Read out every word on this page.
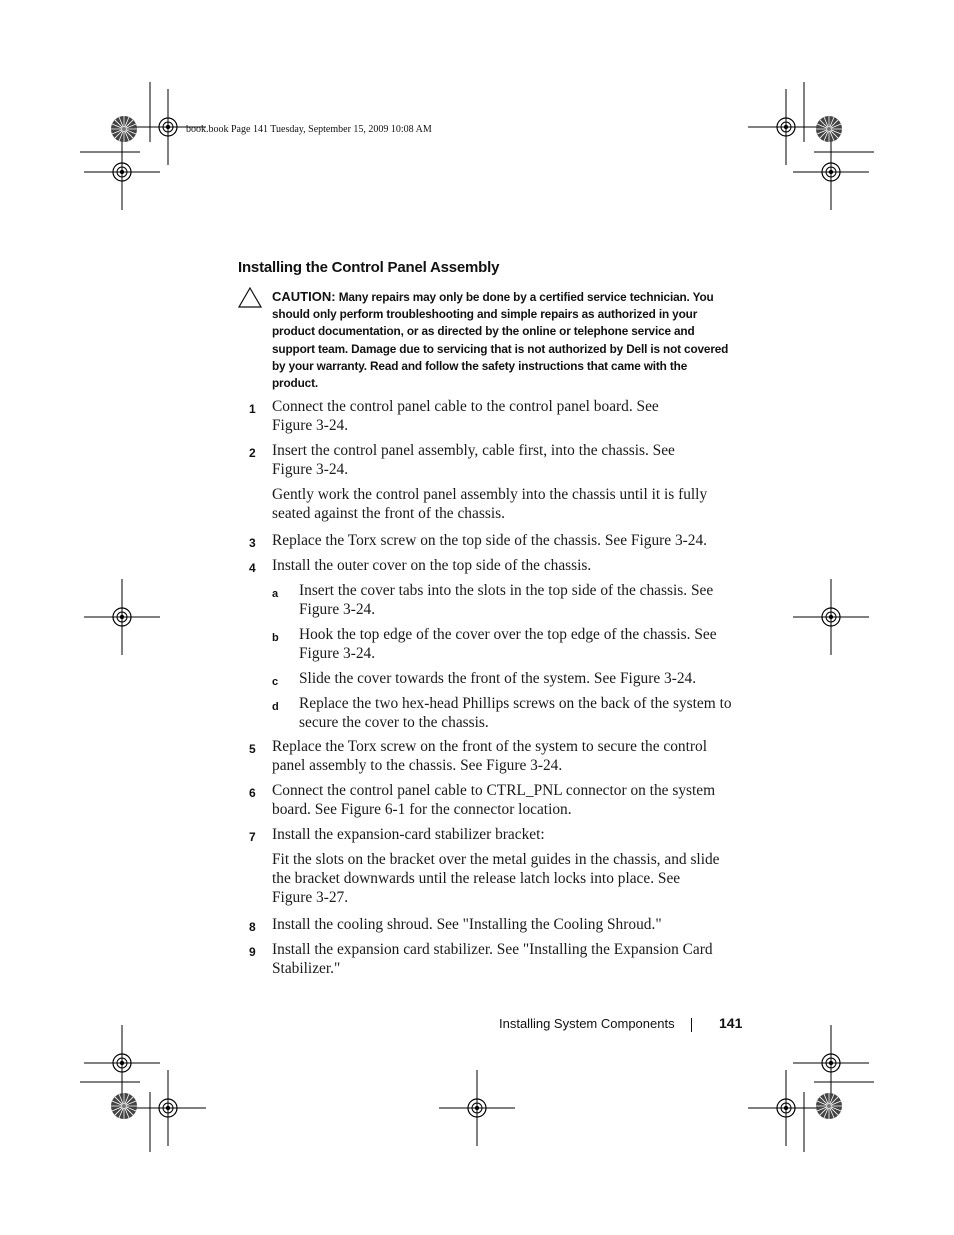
book.book Page 141 Tuesday, September 15, 2009 10:08 AM
Installing the Control Panel Assembly
CAUTION: Many repairs may only be done by a certified service technician. You
should only perform troubleshooting and simple repairs as authorized in your
product documentation, or as directed by the online or telephone service and
support team. Damage due to servicing that is not authorized by Dell is not covered
by your warranty. Read and follow the safety instructions that came with the
product.
1 Connect the control panel cable to the control panel board. See
Figure 3-24.
2 Insert the control panel assembly, cable first, into the chassis. See
Figure 3-24.
Gently work the control panel assembly into the chassis until it is fully
seated against the front of the chassis.
3 Replace the Torx screw on the top side of the chassis. See Figure 3-24.
4 Install the outer cover on the top side of the chassis.
a Insert the cover tabs into the slots in the top side of the chassis. See
Figure 3-24.
b Hook the top edge of the cover over the top edge of the chassis. See
Figure 3-24.
c Slide the cover towards the front of the system. See Figure 3-24.
d Replace the two hex-head Phillips screws on the back of the system to
secure the cover to the chassis.
5 Replace the Torx screw on the front of the system to secure the control
panel assembly to the chassis. See Figure 3-24.
6 Connect the control panel cable to CTRL_PNL connector on the system
board. See Figure 6-1 for the connector location.
7 Install the expansion-card stabilizer bracket:
Fit the slots on the bracket over the metal guides in the chassis, and slide
the bracket downwards until the release latch locks into place. See
Figure 3-27.
8 Install the cooling shroud. See "Installing the Cooling Shroud."
9 Install the expansion card stabilizer. See "Installing the Expansion Card
Stabilizer."
Installing System Components	141
